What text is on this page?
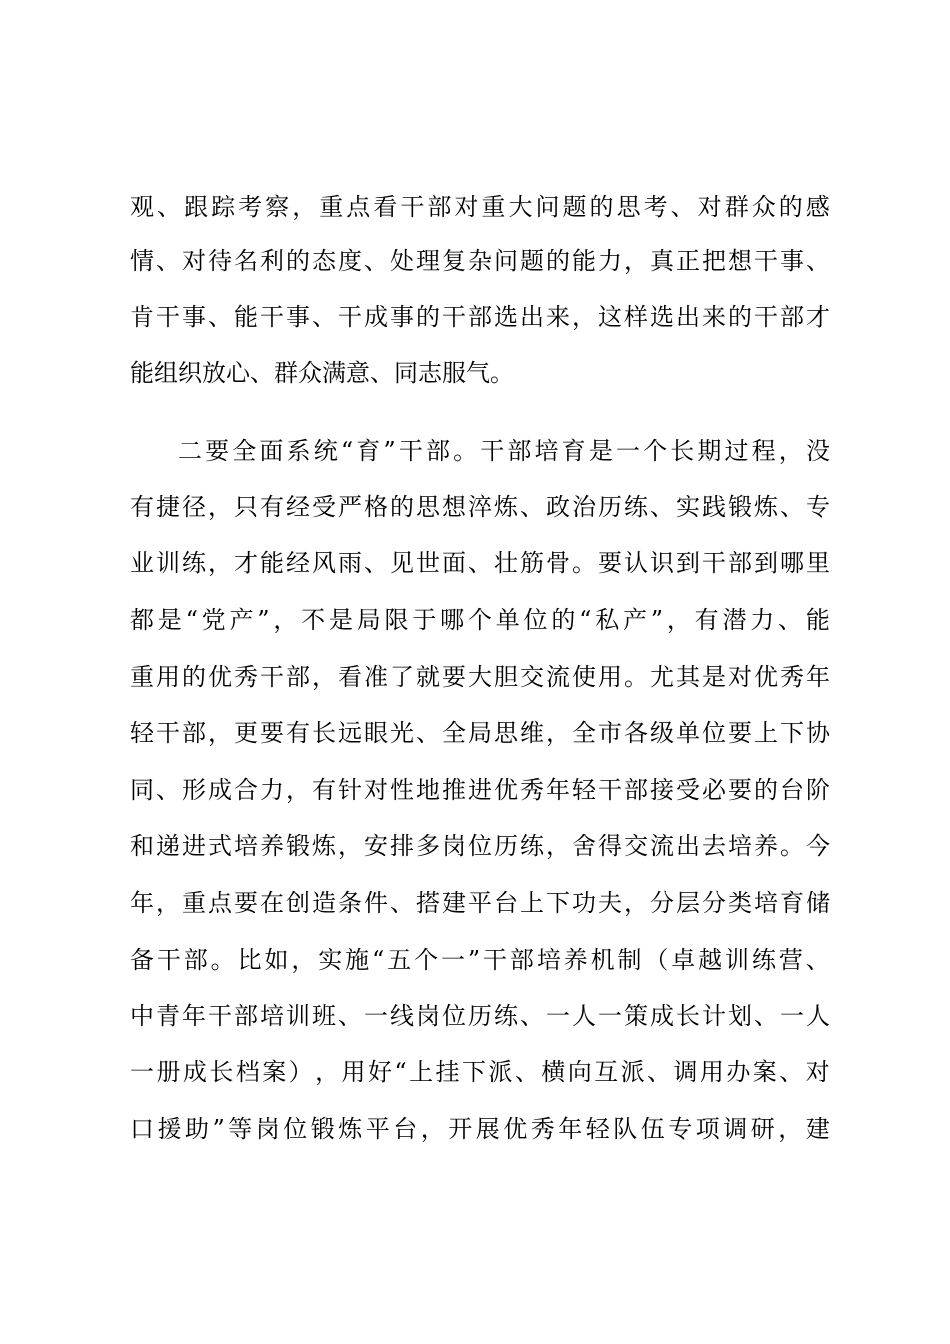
观 、 跟 踪 考 察 ， 重 点 看 干 部 对 重 大 问 题 的 思 考 、 对 群 众 的 感
情 、 对 待 名 利 的 态 度 、 处 理 复 杂 问 题 的 能 力 ， 真 正 把 想 干 事 、
肯 干 事 、 能 干 事 、 干 成 事 的 干 部 选 出 来 ， 这 样 选 出 来 的 干 部 才
能 组 织 放 心 、 群 众 满 意 、 同 志 服 气 。
二 要 全 面 系 统 “ 育 ” 干 部 。 干 部 培 育 是 一 个 长 期 过 程 ， 没
有 捷 径 ， 只 有 经 受 严 格 的 思 想 淬 炼 、 政 治 历 练 、 实 践 锻 炼 、 专
业 训 练 ， 才 能 经 风 雨 、 见 世 面 、 壮 筋 骨 。 要 认 识 到 干 部 到 哪 里
都 是 “ 党 产 ” ， 不 是 局 限 于 哪 个 单 位 的 “ 私 产 ” ， 有 潜 力 、 能
重 用 的 优 秀 干 部 ， 看 准 了 就 要 大 胆 交 流 使 用 。 尤 其 是 对 优 秀 年
轻 干 部 ， 更 要 有 长 远 眼 光 、 全 局 思 维 ， 全 市 各 级 单 位 要 上 下 协
同 、 形 成 合 力 ， 有 针 对 性 地 推 进 优 秀 年 轻 干 部 接 受 必 要 的 台 阶
和 递 进 式 培 养 锻 炼 ， 安 排 多 岗 位 历 练 ， 舍 得 交 流 出 去 培 养 。 今
年 ， 重 点 要 在 创 造 条 件 、 搭 建 平 台 上 下 功 夫 ， 分 层 分 类 培 育 储
备 干 部 。 比 如 ， 实 施 “ 五 个 一 ” 干 部 培 养 机 制 （ 卓 越 训 练 营 、
中 青 年 干 部 培 训 班 、 一 线 岗 位 历 练 、 一 人 一 策 成 长 计 划 、 一 人
一 册 成 长 档 案 ） ， 用 好 “ 上 挂 下 派 、 横 向 互 派 、 调 用 办 案 、 对
口 援 助 ” 等 岗 位 锻 炼 平 台 ， 开 展 优 秀 年 轻 队 伍 专 项 调 研 ， 建
